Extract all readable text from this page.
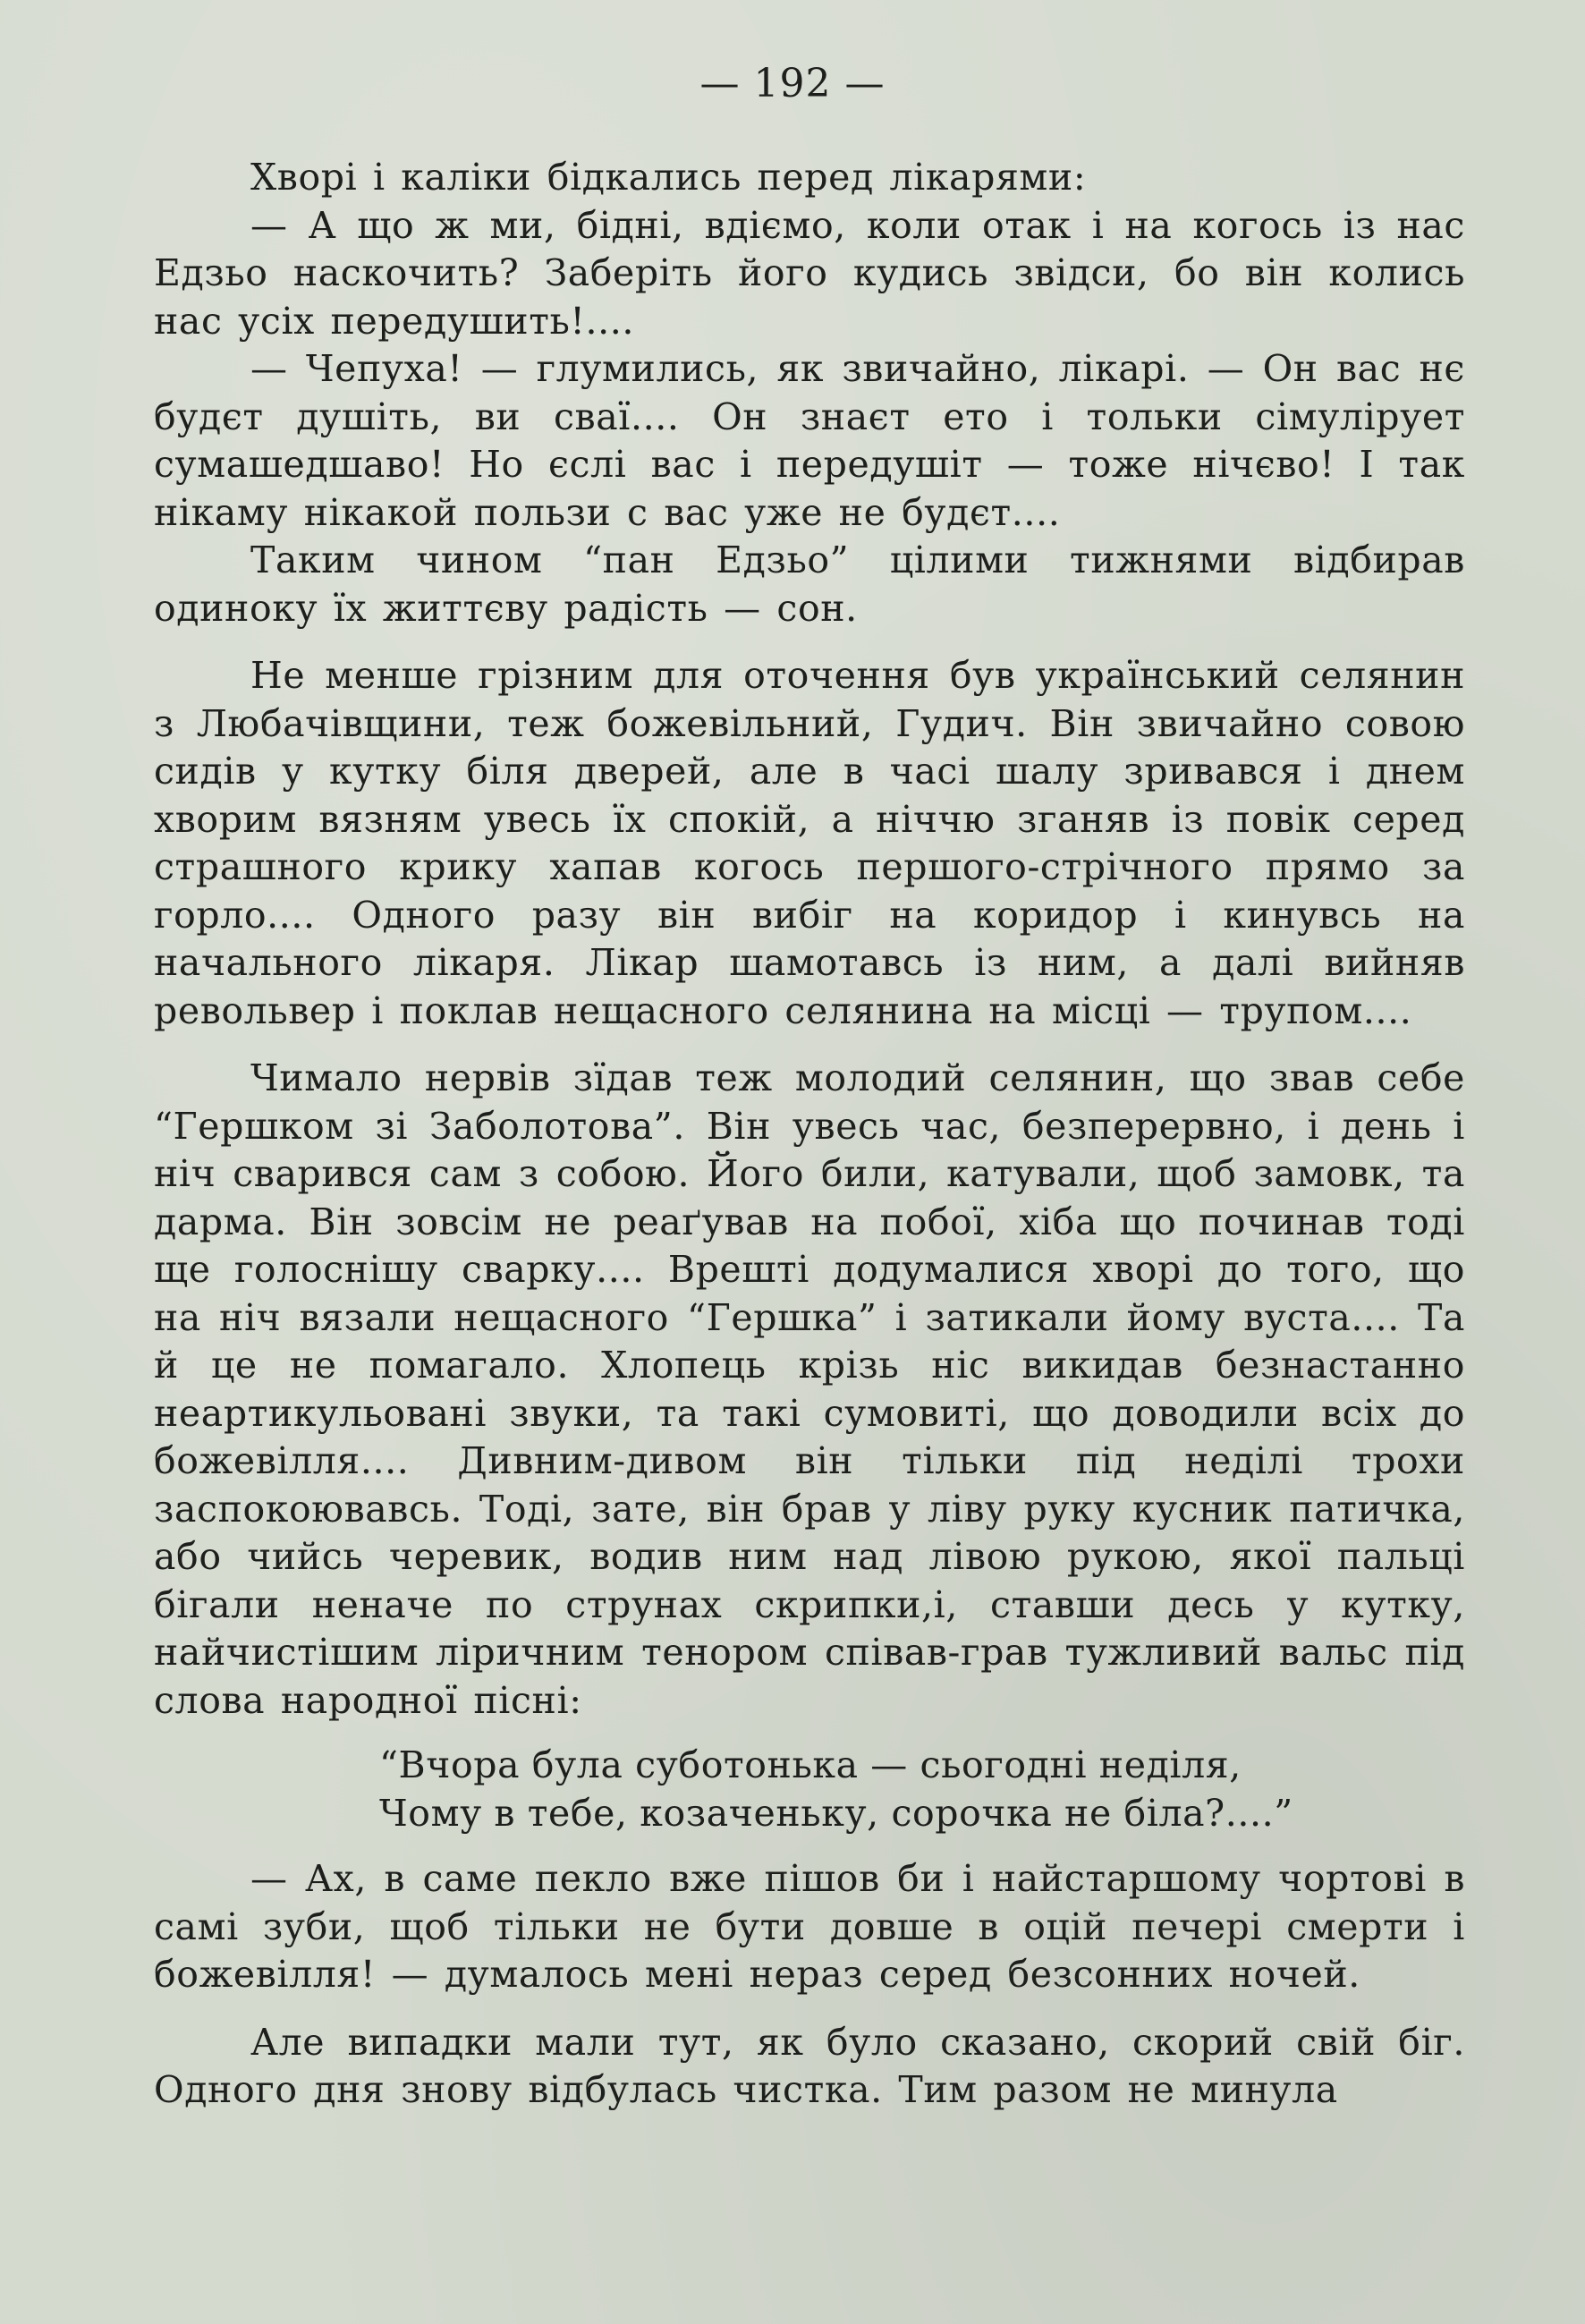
— 192 —

Хворі і каліки бідкались перед лікарями:

— А що ж ми, бідні, вдіємо, коли отак і на когось із нас Едзьо наскочить? Заберіть його кудись звідси, бо він колись нас усіх передушить!....

— Чепуха! — глумились, як звичайно, лікарі. — Он вас нє будєт душіть, ви сваї.... Он знаєт ето і тольки сімулірует сумашедшаво! Но єслі вас і передушіт — тоже нічєво! І так нікаму нікакой пользи с вас уже не будєт....

Таким чином “пан Едзьо” цілими тижнями відбирав одиноку їх життєву радість — сон.

Не менше грізним для оточення був український селянин з Любачівщини, теж божевільний, Гудич. Він звичайно совою сидів у кутку біля дверей, але в часі шалу зривався і днем хворим вязням увесь їх спокій, а ніччю зганяв із повік серед страшного крику хапав когось першого-стрічного прямо за горло.... Одного разу він вибіг на коридор і кинувсь на начального лікаря. Лікар шамотавсь із ним, а далі вийняв револьвер і поклав нещасного селянина на місці — трупом....

Чимало нервів зїдав теж молодий селянин, що звав себе “Гершком зі Заболотова”. Він увесь час, безперервно, і день і ніч сварився сам з собою. Його били, катували, щоб замовк, та дарма. Він зовсім не реаґував на побої, хіба що починав тоді ще голоснішу сварку.... Врешті додумалися хворі до того, що на ніч вязали нещасного “Гершка” і затикали йому вуста.... Та й це не помагало. Хлопець крізь ніс викидав безнастанно неартикульовані звуки, та такі сумовиті, що доводили всіх до божевілля.... Дивним-дивом він тільки під неділі трохи заспокоювавсь. Тоді, зате, він брав у ліву руку кусник патичка, або чийсь черевик, водив ним над лівою рукою, якої пальці бігали неначе по струнах скрипки,і, ставши десь у кутку, найчистішим ліричним тенором співав-грав тужливий вальс під слова народної пісні:

“Вчора була суботонька — сьогодні неділя,
Чому в тебе, козаченьку, сорочка не біла?....”

— Ах, в саме пекло вже пішов би і найстаршому чортові в самі зуби, щоб тільки не бути довше в оцій печері смерти і божевілля! — думалось мені нераз серед безсонних ночей.

Але випадки мали тут, як було сказано, скорий свій біг. Одного дня знову відбулась чистка. Тим разом не минула
